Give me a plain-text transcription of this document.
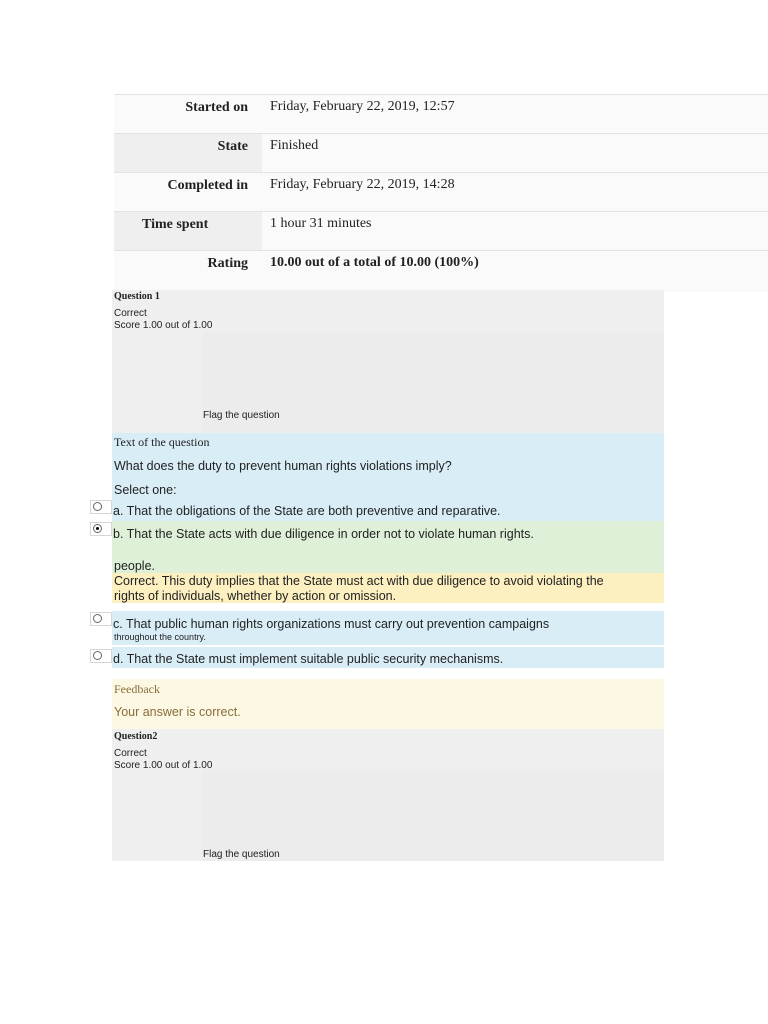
Started on	Friday, February 22, 2019, 12:57
State	Finished
Completed in	Friday, February 22, 2019, 14:28
Time spent	1 hour 31 minutes
Rating	10.00 out of a total of 10.00 (100%)
Question 1
Correct
Score 1.00 out of 1.00
Flag the question
Text of the question
What does the duty to prevent human rights violations imply?
Select one:
a. That the obligations of the State are both preventive and reparative.
b. That the State acts with due diligence in order not to violate human rights.
people.
Correct. This duty implies that the State must act with due diligence to avoid violating the rights of individuals, whether by action or omission.
c. That public human rights organizations must carry out prevention campaigns
throughout the country.
d. That the State must implement suitable public security mechanisms.
Feedback
Your answer is correct.
Question2
Correct
Score 1.00 out of 1.00
Flag the question
